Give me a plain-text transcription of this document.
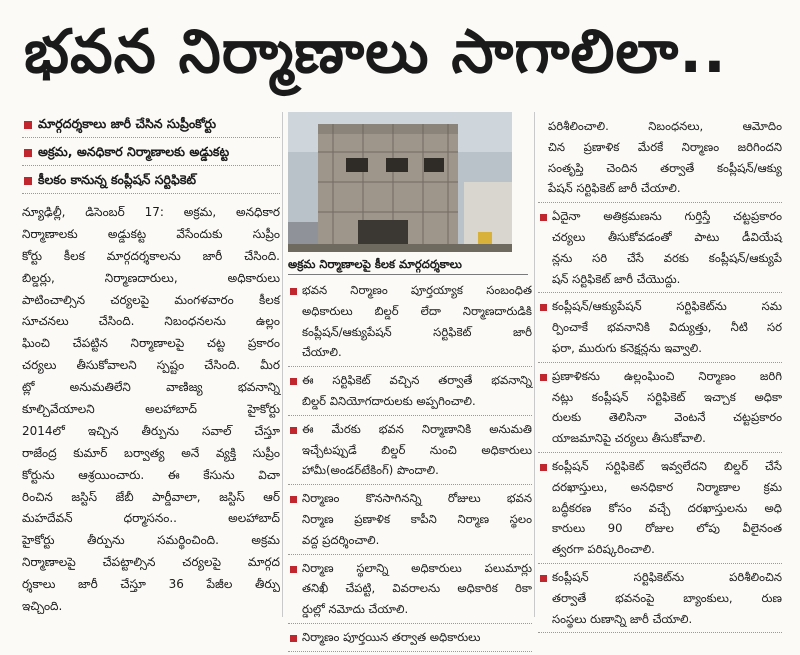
భవన నిర్మాణాలు సాగాలిలా..
మార్గదర్శకాలు జారీ చేసిన సుప్రీంకోర్టు
అక్రమ, అనధికార నిర్మాణాలకు అడ్డుకట్ట
కీలకం కానున్న కంప్లీషన్ సర్టిఫికెట్
న్యూఢిల్లీ, డిసెంబర్ 17: అక్రమ, అనధికార
నిర్మాణాలకు అడ్డుకట్ట వేసేందుకు సుప్రీం
కోర్టు కీలక మార్గదర్శకాలను జారీ చేసింది.
బిల్డర్లు, నిర్మాణదారులు, అధికారులు
పాటించాల్సిన చర్యలపై మంగళవారం కీలక
సూచనలు చేసింది. నిబంధనలను ఉల్లం
ఘించి చేపట్టిన నిర్మాణాలపై చట్ట ప్రకారం
చర్యలు తీసుకోవాలని స్పష్టం చేసింది. మీర
ట్లో అనుమతిలేని వాణిజ్య భవనాన్ని
కూల్చివేయాలని అలహాబాద్ హైకోర్టు
2014లో ఇచ్చిన తీర్పును సవాల్ చేస్తూ
రాజేంద్ర కుమార్ బర్వాత్య అనే వ్యక్తి సుప్రీం
కోర్టును ఆశ్రయించారు. ఈ కేసును విచా
రించిన జస్టిస్ జేబీ పార్డీవాలా, జస్టిస్ ఆర్
మహదేవన్ ధర్మాసనం.. అలహాబాద్
హైకోర్టు తీర్పును సమర్థించింది. అక్రమ
నిర్మాణాలపై చేపట్టాల్సిన చర్యలపై మార్గద
ర్శకాలు జారీ చేస్తూ 36 పేజీల తీర్పు
ఇచ్చింది.
అక్రమ నిర్మాణాలపై కీలక మార్గదర్శకాలు
భవన నిర్మాణం పూర్తయ్యాక సంబంధిత
అధికారులు బిల్డర్ లేదా నిర్మాణదారుడికి
కంప్లీషన్/ఆక్యుపేషన్ సర్టిఫికెట్ జారీ
చేయాలి.
ఈ సర్టిఫికెట్ వచ్చిన తర్వాతే భవనాన్ని
బిల్డర్ వినియోగదారులకు అప్పగించాలి.
ఈ మేరకు భవన నిర్మాణానికి అనుమతి
ఇచ్చేటప్పుడే బిల్డర్ నుంచి అధికారులు
హామీ(అండర్‌టేకింగ్) పొందాలి.
నిర్మాణం కొనసాగినన్ని రోజులు భవన
నిర్మాణ ప్రణాళిక కాపీని నిర్మాణ స్థలం
వద్ద ప్రదర్శించాలి.
నిర్మాణ స్థలాన్ని అధికారులు పలుమార్లు
తనిఖీ చేపట్టి, వివరాలను అధికారిక రికా
ర్డుల్లో నమోదు చేయాలి.
నిర్మాణం పూర్తయిన తర్వాత అధికారులు
పరిశీలించాలి. నిబంధనలు, ఆమోదిం
చిన ప్రణాళిక మేరకే నిర్మాణం జరిగిందని
సంతృప్తి చెందిన తర్వాతే కంప్లీషన్/ఆక్యు
పేషన్ సర్టిఫికెట్ జారీ చేయాలి.
ఏదైనా అతిక్రమణను గుర్తిస్తే చట్టప్రకారం
చర్యలు తీసుకోవడంతో పాటు డీవియేష
న్లను సరి చేసే వరకు కంప్లీషన్/ఆక్యుపే
షన్ సర్టిఫికెట్ జారీ చేయొద్దు.
కంప్లీషన్/ఆక్యుపేషన్ సర్టిఫికెట్‌ను సమ
ర్పించాకే భవనానికి విద్యుత్తు, నీటి సర
ఫరా, మురుగు కనెక్షన్లను ఇవ్వాలి.
ప్రణాళికను ఉల్లంఘించి నిర్మాణం జరిగి
నట్లు కంప్లీషన్ సర్టిఫికెట్ ఇచ్చాక అధికా
రులకు తెలిసినా వెంటనే చట్టప్రకారం
యాజమానిపై చర్యలు తీసుకోవాలి.
కంప్లీషన్ సర్టిఫికెట్ ఇవ్వలేదని బిల్డర్ చేసే
దరఖాస్తులు, అనధికార నిర్మాణాల క్రమ
బద్ధీకరణ కోసం వచ్చే దరఖాస్తులను అధి
కారులు 90 రోజుల లోపు వీలైనంత
త్వరగా పరిష్కరించాలి.
కంప్లీషన్ సర్టిఫికెట్‌ను పరిశీలించిన
తర్వాతే భవనంపై బ్యాంకులు, రుణ
సంస్థలు రుణాన్ని జారీ చేయాలి.
